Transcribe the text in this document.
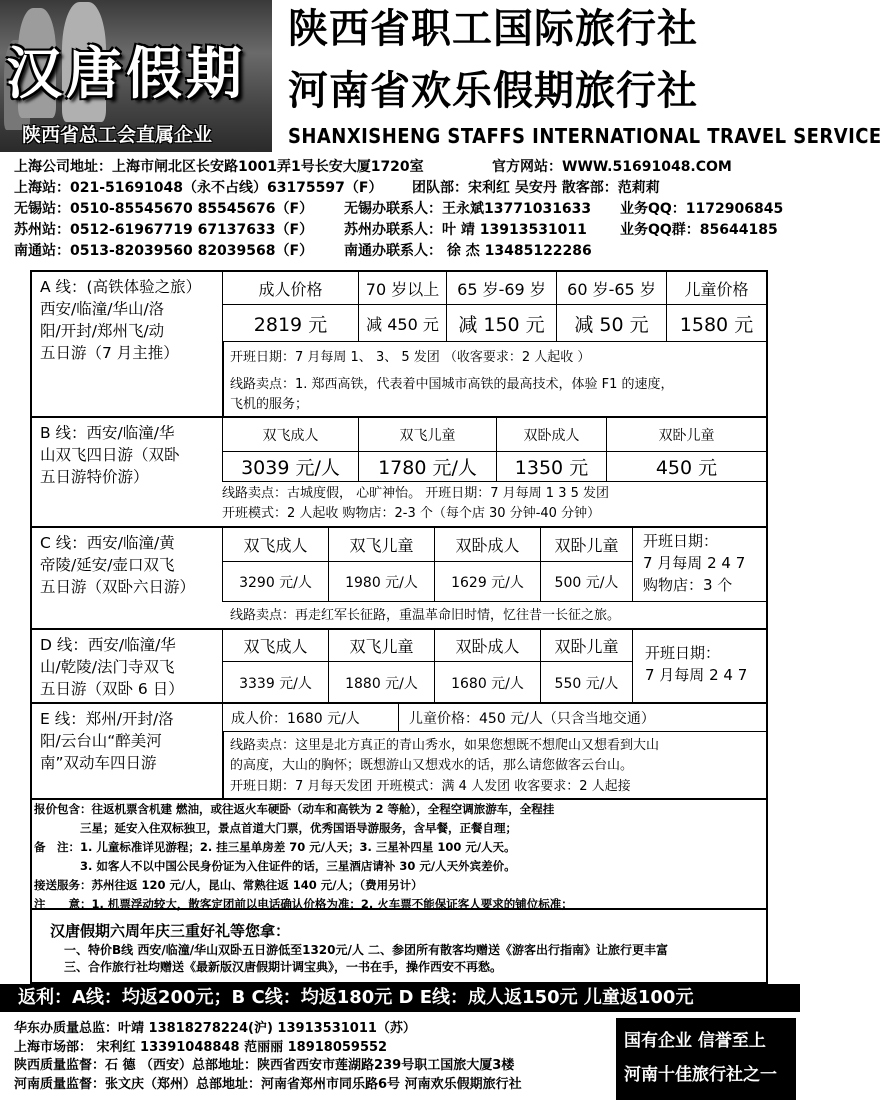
汉唐假期
陕西省总工会直属企业
陕西省职工国际旅行社
河南省欢乐假期旅行社
SHANXISHENG STAFFS INTERNATIONAL TRAVEL SERVICE
上海公司地址：上海市闸北区长安路1001弄1号长安大厦1720室	官方网站：WWW.51691048.COM
上海站：021-51691048（永不占线）63175597（F） 团队部：宋利红 吴安丹 散客部：范莉莉
无锡站：0510-85545670 85545676（F） 无锡办联系人：王永斌13771031633 业务QQ：1172906845
苏州站：0512-61967719 67137633（F） 苏州办联系人：叶 靖 13913531011 业务QQ群：85644185
南通站：0513-82039560 82039568（F） 南通办联系人： 徐 杰 13485122286
A 线：(高铁体验之旅）
西安/临潼/华山/洛
阳/开封/郑州飞/动
五日游（7 月主推）
成人价格	70 岁以上	65 岁-69 岁	60 岁-65 岁	儿童价格
2819 元	减 450 元	减 150 元	减 50 元	1580 元
开班日期：7 月每周 1、 3、 5 发团 （收客要求：2 人起收 ）
线路卖点：1. 郑西高铁，代表着中国城市高铁的最高技术，体验 F1 的速度，
飞机的服务；
B 线：西安/临潼/华
山双飞四日游（双卧
五日游特价游）
双飞成人	双飞儿童	双卧成人	双卧儿童
3039 元/人	1780 元/人	1350 元	450 元
线路卖点：古城度假， 心旷神怡。 开班日期：7 月每周 1 3 5 发团
开班模式：2 人起收 购物店：2-3 个（每个店 30 分钟-40 分钟）
C 线：西安/临潼/黄
帝陵/延安/壶口双飞
五日游（双卧六日游）
双飞成人	双飞儿童	双卧成人	双卧儿童
3290 元/人	1980 元/人	1629 元/人	500 元/人
开班日期：
7 月每周 2 4 7
购物店：3 个
线路卖点：再走红军长征路，重温革命旧时情，忆往昔一长征之旅。
D 线：西安/临潼/华
山/乾陵/法门寺双飞
五日游（双卧 6 日）
双飞成人	双飞儿童	双卧成人	双卧儿童
3339 元/人	1880 元/人	1680 元/人	550 元/人
开班日期：
7 月每周 2 4 7
E 线：郑州/开封/洛
阳/云台山“醉美河
南”双动车四日游
成人价：1680 元/人	儿童价格：450 元/人（只含当地交通）
线路卖点：这里是北方真正的青山秀水，如果您想既不想爬山又想看到大山
的高度，大山的胸怀；既想游山又想戏水的话，那么请您做客云台山。
开班日期：7 月每天发团 开班模式：满 4 人发团 收客要求：2 人起接
报价包含：往返机票含机建 燃油，或往返火车硬卧（动车和高铁为 2 等舱），全程空调旅游车，全程挂
　　　　三星；延安入住双标独卫，景点首道大门票，优秀国语导游服务，含早餐，正餐自理；
备　注：1. 儿童标准详见游程；2. 挂三星单房差 70 元/人天；3. 三星补四星 100 元/人天。
　　　　3. 如客人不以中国公民身份证为入住证件的话，三星酒店请补 30 元/人天外宾差价。
接送服务：苏州往返 120 元/人，昆山、常熟往返 140 元/人；（费用另计）
注　　意：1. 机票浮动较大，散客定团前以电话确认价格为准；2. 火车票不能保证客人要求的铺位标准；
汉唐假期六周年庆三重好礼等您拿：
一、特价B线 西安/临潼/华山双卧五日游低至1320元/人 二、参团所有散客均赠送《游客出行指南》让旅行更丰富
三、合作旅行社均赠送《最新版汉唐假期计调宝典》，一书在手，操作西安不再愁。
返利：A线：均返200元；B C线：均返180元 D E线：成人返150元 儿童返100元
华东办质量总监：叶靖 13818278224(沪) 13913531011（苏）
上海市场部： 宋利红 13391048848 范丽丽 18918059552
陕西质量监督：石 德 （西安）总部地址：陕西省西安市莲湖路239号职工国旅大厦3楼
河南质量监督：张文庆（郑州）总部地址：河南省郑州市同乐路6号 河南欢乐假期旅行社
国有企业 信誉至上
河南十佳旅行社之一
